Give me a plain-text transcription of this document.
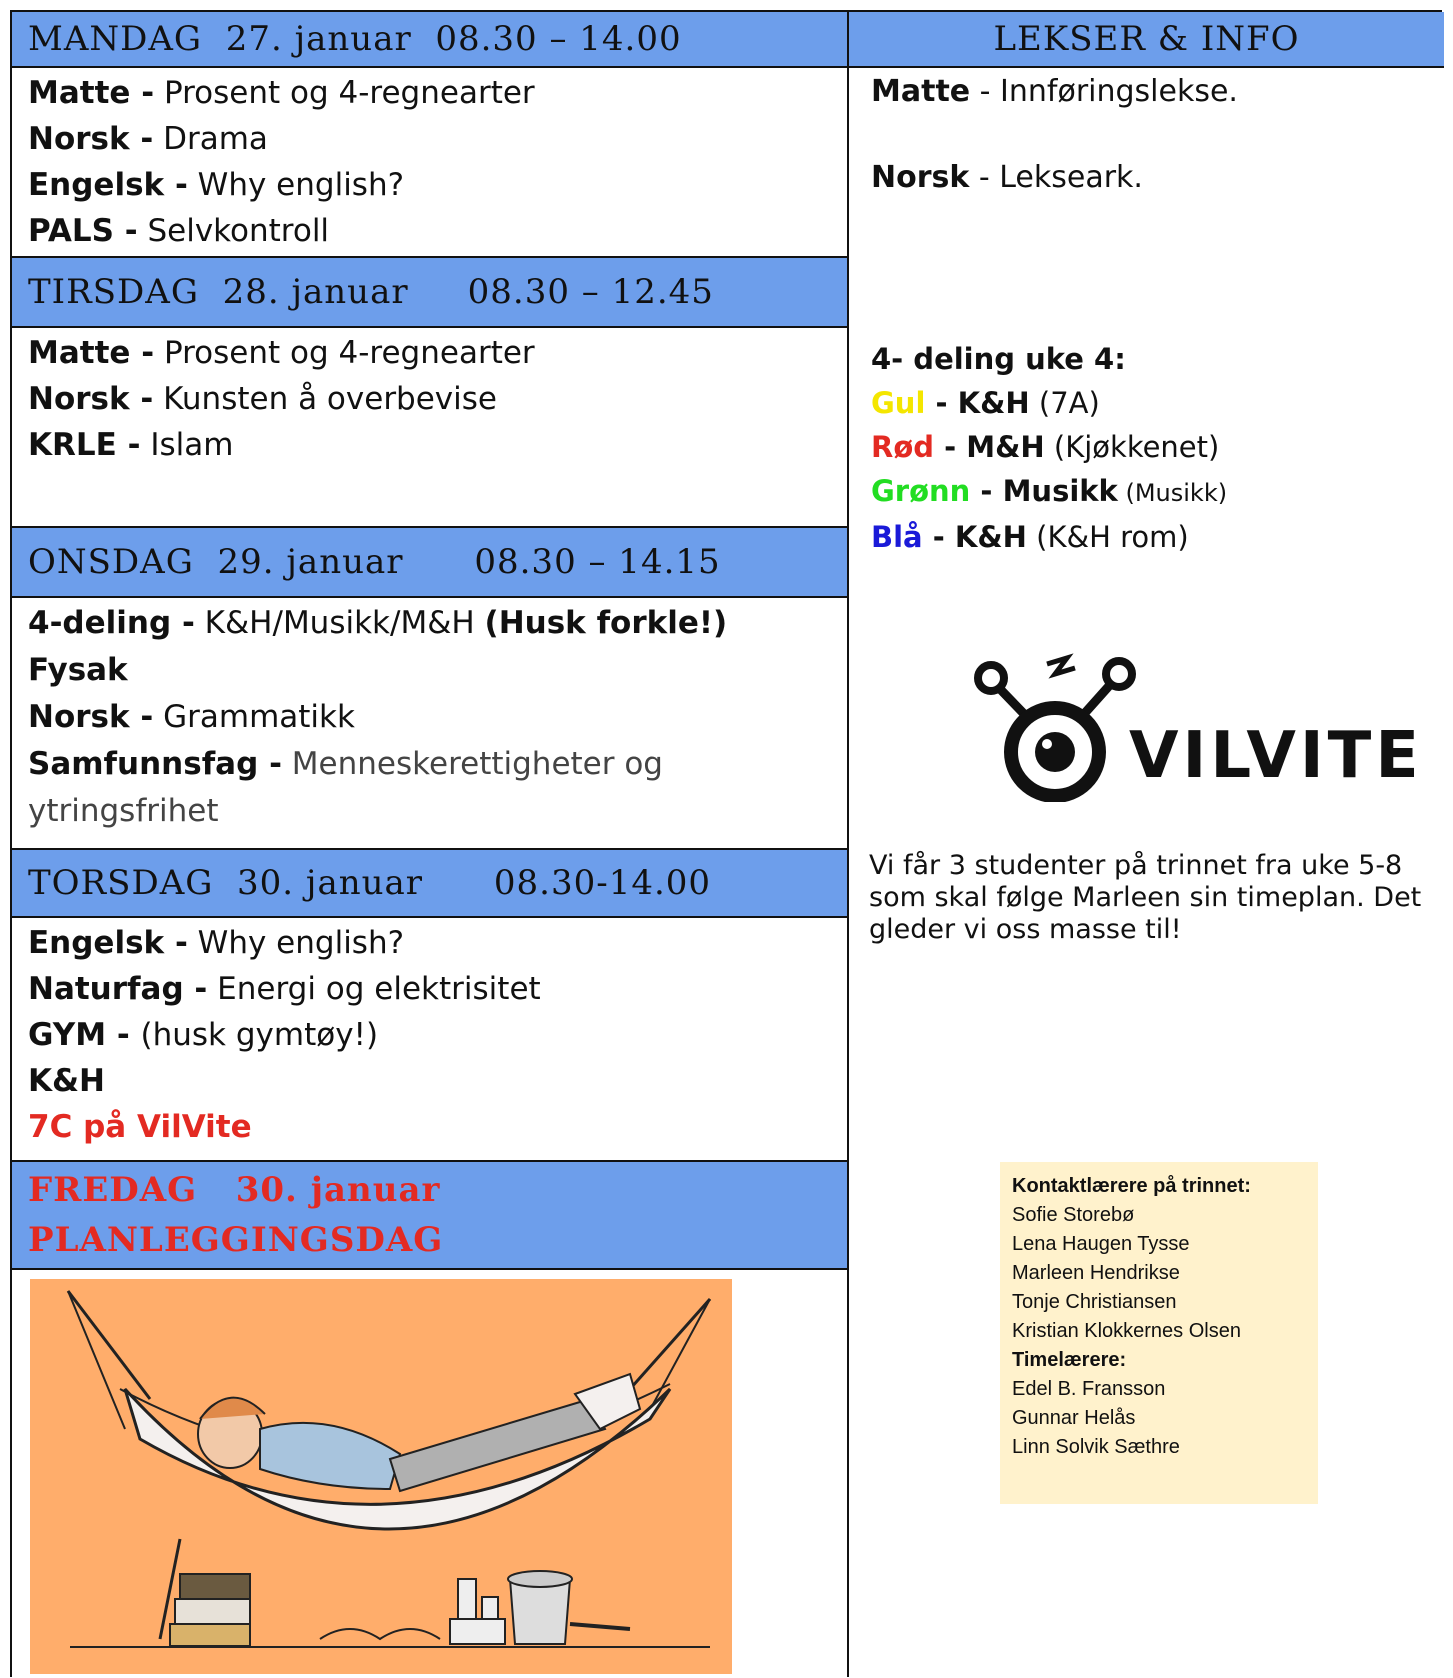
MANDAG  27. januar  08.30 – 14.00
Matte - Prosent og 4-regnearter
Norsk - Drama
Engelsk - Why english?
PALS - Selvkontroll
TIRSDAG  28. januar     08.30 – 12.45
Matte - Prosent og 4-regnearter
Norsk - Kunsten å overbevise
KRLE - Islam
ONSDAG  29. januar      08.30 – 14.15
4-deling - K&H/Musikk/M&H (Husk forkle!)
Fysak
Norsk - Grammatikk
Samfunnsfag - Menneskerettigheter og
ytringsfrihet
TORSDAG  30. januar      08.30-14.00
Engelsk - Why english?
Naturfag - Energi og elektrisitet
GYM - (husk gymtøy!)
K&H
7C på VilVite
FREDAG   30. januar
PLANLEGGINGSDAG
LEKSER & INFO
Matte - Innføringslekse.
Norsk - Lekseark.
4- deling uke 4:
Gul - K&H (7A)
Rød - M&H (Kjøkkenet)
Grønn - Musikk (Musikk)
Blå - K&H (K&H rom)
VILVITE
Vi får 3 studenter på trinnet fra uke 5-8 som skal følge Marleen sin timeplan. Det gleder vi oss masse til!
Kontaktlærere på trinnet:
Sofie Storebø
Lena Haugen Tysse
Marleen Hendrikse
Tonje Christiansen
Kristian Klokkernes Olsen
Timelærere:
Edel B. Fransson
Gunnar Helås
Linn Solvik Sæthre
